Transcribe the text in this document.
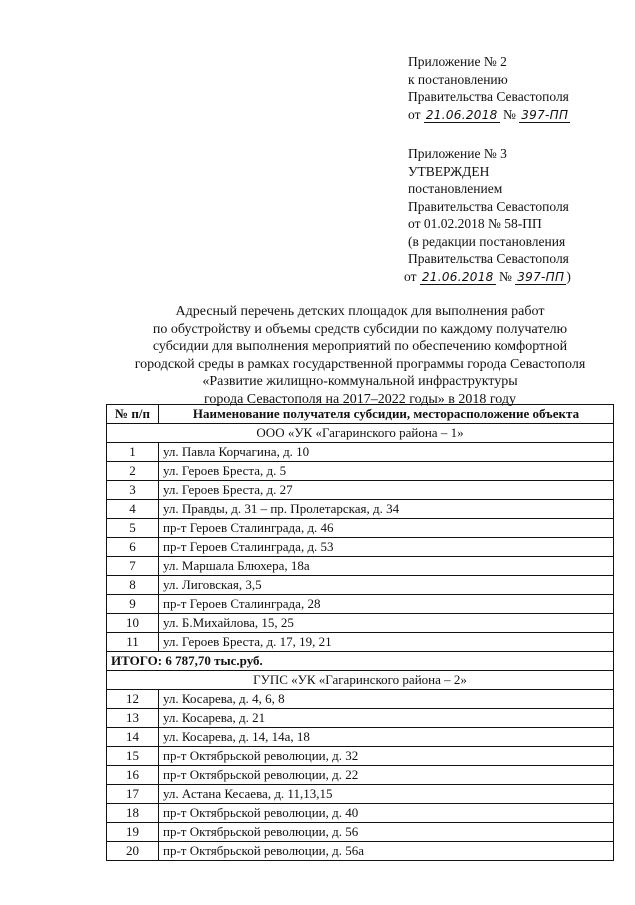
Приложение № 2
к постановлению
Правительства Севастополя
от 21.06.2018 № 397-ПП
Приложение № 3
УТВЕРЖДЕН
постановлением
Правительства Севастополя
от 01.02.2018 № 58-ПП
(в редакции постановления
Правительства Севастополя
от 21.06.2018 № 397-ПП )
Адресный перечень детских площадок для выполнения работ
по обустройству и объемы средств субсидии по каждому получателю
субсидии для выполнения мероприятий по обеспечению комфортной
городской среды в рамках государственной программы города Севастополя
«Развитие жилищно-коммунальной инфраструктуры
города Севастополя на 2017–2022 годы» в 2018 году
№ п/п	Наименование получателя субсидии, месторасположение объекта
ООО «УК «Гагаринского района – 1»	
1	ул. Павла Корчагина, д. 10
2	ул. Героев Бреста, д. 5
3	ул. Героев Бреста, д. 27
4	ул. Правды, д. 31 – пр. Пролетарская, д. 34
5	пр-т Героев Сталинграда, д. 46
6	пр-т Героев Сталинграда, д. 53
7	ул. Маршала Блюхера, 18а
8	ул. Лиговская, 3,5
9	пр-т Героев Сталинграда, 28
10	ул. Б.Михайлова, 15, 25
11	ул. Героев Бреста, д. 17, 19, 21
ИТОГО: 6 787,70 тыс.руб.	
ГУПС «УК «Гагаринского района – 2»	
12	ул. Косарева, д. 4, 6, 8
13	ул. Косарева, д. 21
14	ул. Косарева, д. 14, 14а, 18
15	пр-т Октябрьской революции, д. 32
16	пр-т Октябрьской революции, д. 22
17	ул. Астана Кесаева, д. 11,13,15
18	пр-т Октябрьской революции, д. 40
19	пр-т Октябрьской революции, д. 56
20	пр-т Октябрьской революции, д. 56а
